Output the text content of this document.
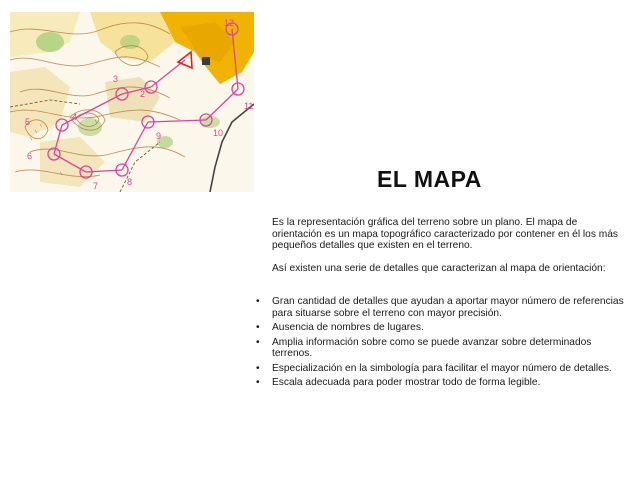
12
3
4
5
6
7	8
9	10
11
2
EL MAPA

Es la representación gráfica del terreno sobre un plano. El mapa de orientación es un mapa topográfico caracterizado por contener en él los más pequeños detalles que existen en el terreno.

Así existen una serie de detalles que caracterizan al mapa de orientación:

• Gran cantidad de detalles que ayudan a aportar mayor número de referencias para situarse sobre el terreno con mayor precisión.
• Ausencia de nombres de lugares.
• Amplia información sobre como se puede avanzar sobre determinados terrenos.
• Especialización en la simbología para facilitar el mayor número de detalles.
• Escala adecuada para poder mostrar todo de forma legible.
